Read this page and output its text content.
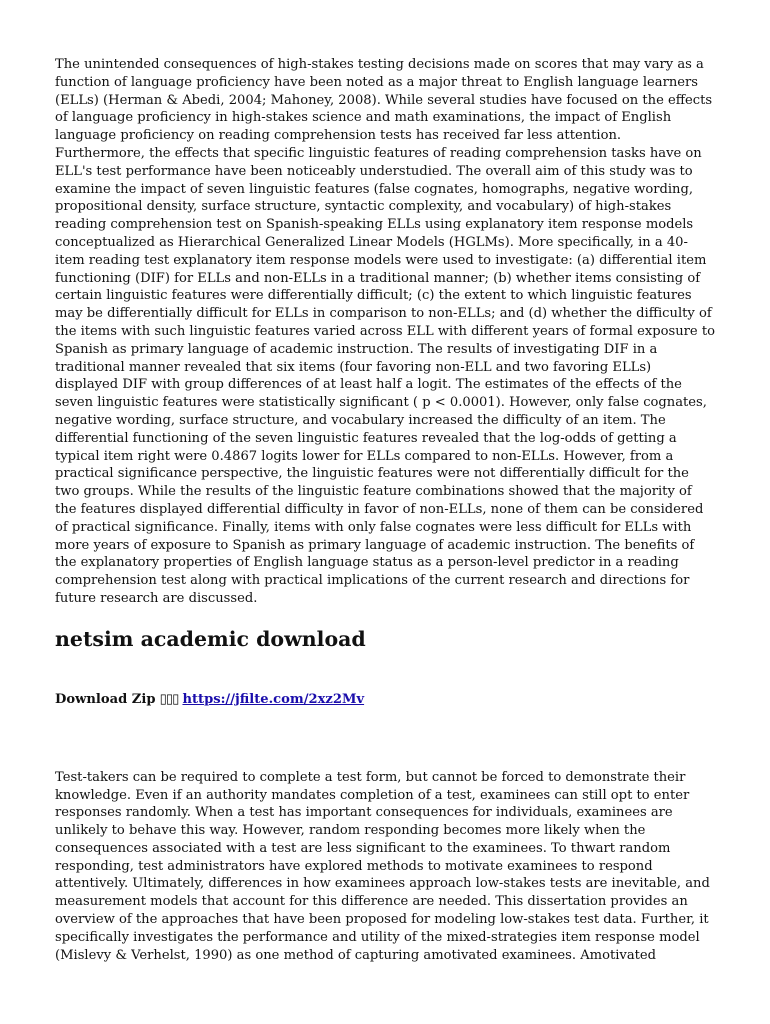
The unintended consequences of high-stakes testing decisions made on scores that may vary as a function of language proficiency have been noted as a major threat to English language learners (ELLs) (Herman & Abedi, 2004; Mahoney, 2008). While several studies have focused on the effects of language proficiency in high-stakes science and math examinations, the impact of English language proficiency on reading comprehension tests has received far less attention. Furthermore, the effects that specific linguistic features of reading comprehension tasks have on ELL's test performance have been noticeably understudied. The overall aim of this study was to examine the impact of seven linguistic features (false cognates, homographs, negative wording, propositional density, surface structure, syntactic complexity, and vocabulary) of high-stakes reading comprehension test on Spanish-speaking ELLs using explanatory item response models conceptualized as Hierarchical Generalized Linear Models (HGLMs). More specifically, in a 40-item reading test explanatory item response models were used to investigate: (a) differential item functioning (DIF) for ELLs and non-ELLs in a traditional manner; (b) whether items consisting of certain linguistic features were differentially difficult; (c) the extent to which linguistic features may be differentially difficult for ELLs in comparison to non-ELLs; and (d) whether the difficulty of the items with such linguistic features varied across ELL with different years of formal exposure to Spanish as primary language of academic instruction. The results of investigating DIF in a traditional manner revealed that six items (four favoring non-ELL and two favoring ELLs) displayed DIF with group differences of at least half a logit. The estimates of the effects of the seven linguistic features were statistically significant ( p < 0.0001). However, only false cognates, negative wording, surface structure, and vocabulary increased the difficulty of an item. The differential functioning of the seven linguistic features revealed that the log-odds of getting a typical item right were 0.4867 logits lower for ELLs compared to non-ELLs. However, from a practical significance perspective, the linguistic features were not differentially difficult for the two groups. While the results of the linguistic feature combinations showed that the majority of the features displayed differential difficulty in favor of non-ELLs, none of them can be considered of practical significance. Finally, items with only false cognates were less difficult for ELLs with more years of exposure to Spanish as primary language of academic instruction. The benefits of the explanatory properties of English language status as a person-level predictor in a reading comprehension test along with practical implications of the current research and directions for future research are discussed.

netsim academic download
Download Zip ▯▯▯ https://jfilte.com/2xz2Mv

Test-takers can be required to complete a test form, but cannot be forced to demonstrate their knowledge. Even if an authority mandates completion of a test, examinees can still opt to enter responses randomly. When a test has important consequences for individuals, examinees are unlikely to behave this way. However, random responding becomes more likely when the consequences associated with a test are less significant to the examinees. To thwart random responding, test administrators have explored methods to motivate examinees to respond attentively. Ultimately, differences in how examinees approach low-stakes tests are inevitable, and measurement models that account for this difference are needed. This dissertation provides an overview of the approaches that have been proposed for modeling low-stakes test data. Further, it specifically investigates the performance and utility of the mixed-strategies item response model (Mislevy & Verhelst, 1990) as one method of capturing amotivated examinees. Amotivated
